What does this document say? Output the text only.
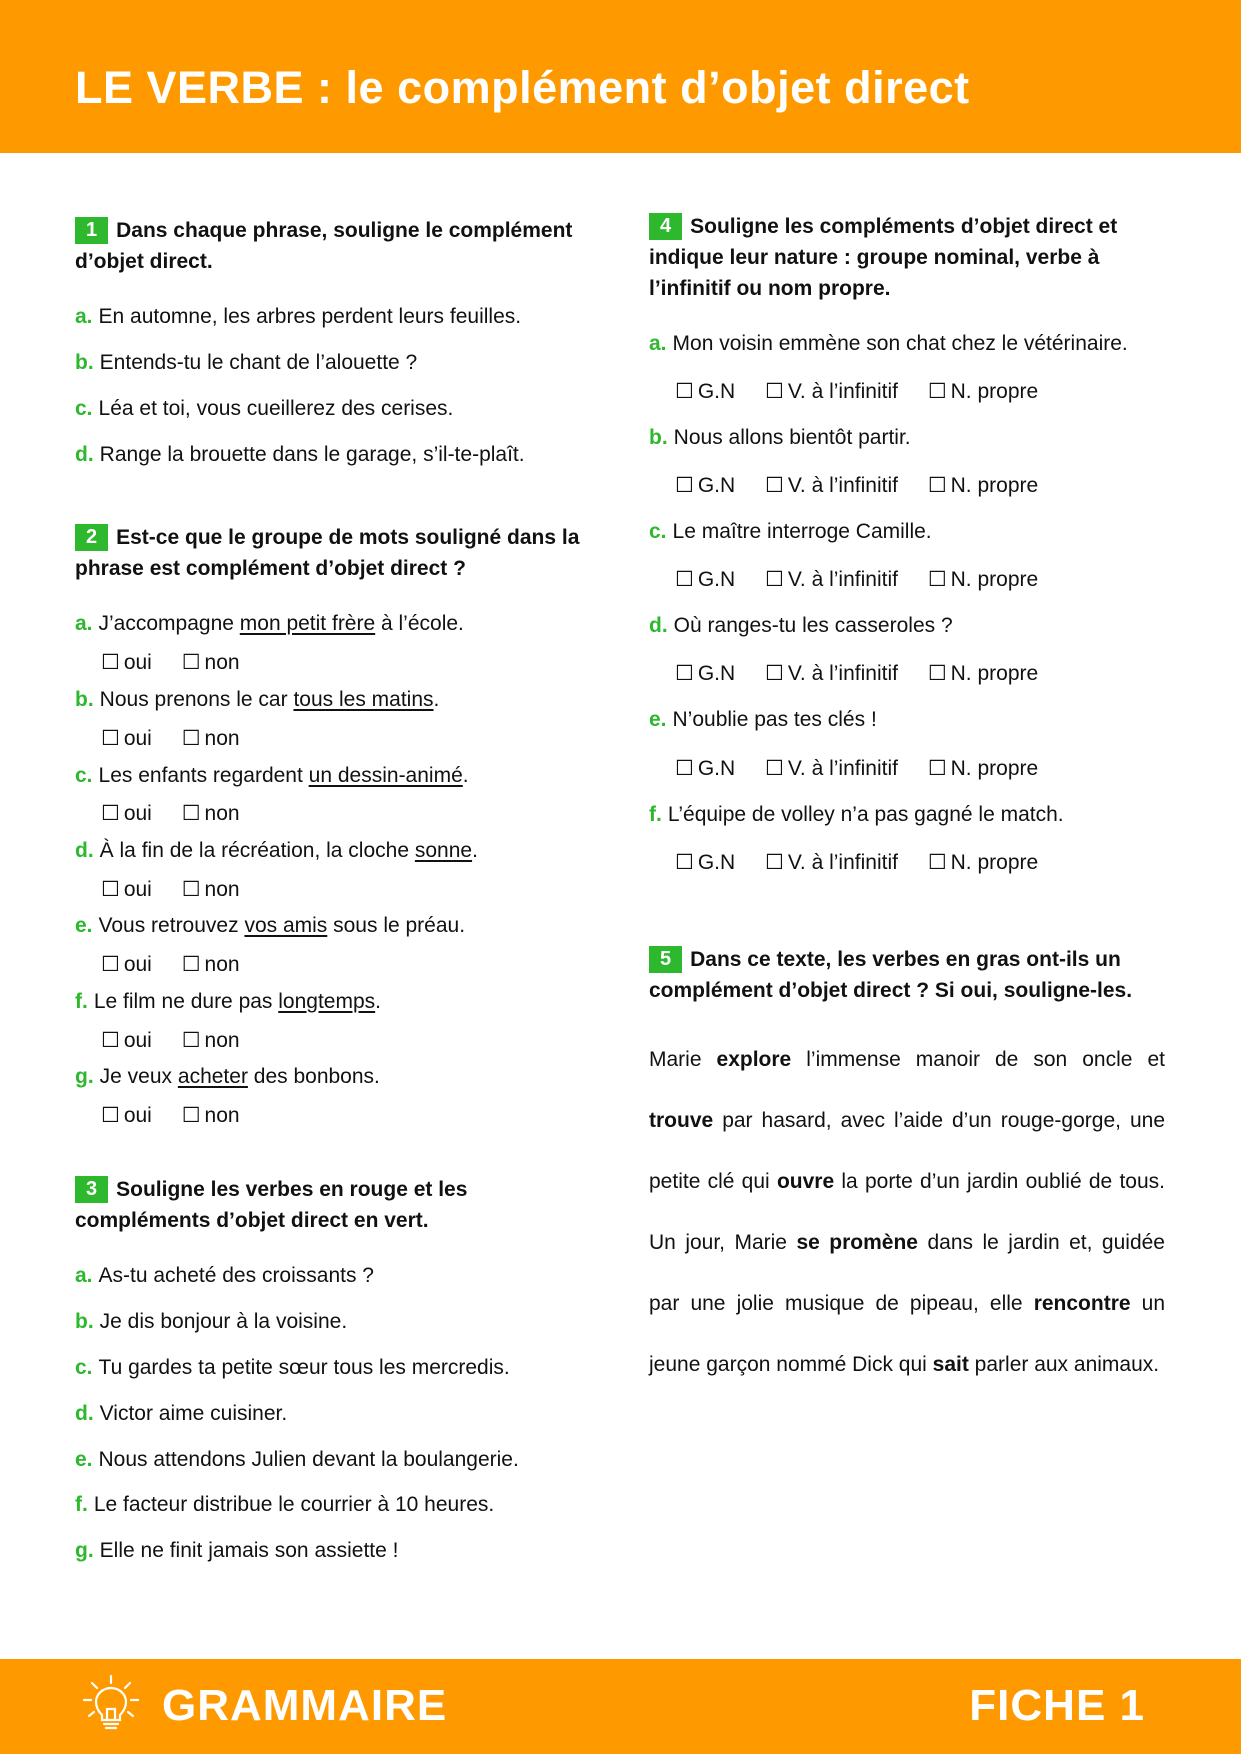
LE VERBE : le complément d’objet direct

1 Dans chaque phrase, souligne le complément d’objet direct.

a. En automne, les arbres perdent leurs feuilles.
b. Entends-tu le chant de l’alouette ?
c. Léa et toi, vous cueillerez des cerises.
d. Range la brouette dans le garage, s’il-te-plaît.

2 Est-ce que le groupe de mots souligné dans la phrase est complément d’objet direct ?

a. J’accompagne mon petit frère à l’école.
☐ oui ☐ non
b. Nous prenons le car tous les matins.
☐ oui ☐ non
c. Les enfants regardent un dessin-animé.
☐ oui ☐ non
d. À la fin de la récréation, la cloche sonne.
☐ oui ☐ non
e. Vous retrouvez vos amis sous le préau.
☐ oui ☐ non
f. Le film ne dure pas longtemps.
☐ oui ☐ non
g. Je veux acheter des bonbons.
☐ oui ☐ non

3 Souligne les verbes en rouge et les compléments d’objet direct en vert.

a. As-tu acheté des croissants ?
b. Je dis bonjour à la voisine.
c. Tu gardes ta petite sœur tous les mercredis.
d. Victor aime cuisiner.
e. Nous attendons Julien devant la boulangerie.
f. Le facteur distribue le courrier à 10 heures.
g. Elle ne finit jamais son assiette !

4 Souligne les compléments d’objet direct et indique leur nature : groupe nominal, verbe à l’infinitif ou nom propre.

a. Mon voisin emmène son chat chez le vétérinaire.
☐ G.N ☐ V. à l’infinitif ☐ N. propre
b. Nous allons bientôt partir.
☐ G.N ☐ V. à l’infinitif ☐ N. propre
c. Le maître interroge Camille.
☐ G.N ☐ V. à l’infinitif ☐ N. propre
d. Où ranges-tu les casseroles ?
☐ G.N ☐ V. à l’infinitif ☐ N. propre
e. N’oublie pas tes clés !
☐ G.N ☐ V. à l’infinitif ☐ N. propre
f. L’équipe de volley n’a pas gagné le match.
☐ G.N ☐ V. à l’infinitif ☐ N. propre

5 Dans ce texte, les verbes en gras ont-ils un complément d’objet direct ? Si oui, souligne-les.

Marie explore l’immense manoir de son oncle et trouve par hasard, avec l’aide d’un rouge-gorge, une petite clé qui ouvre la porte d’un jardin oublié de tous. Un jour, Marie se promène dans le jardin et, guidée par une jolie musique de pipeau, elle rencontre un jeune garçon nommé Dick qui sait parler aux animaux.

GRAMMAIRE	FICHE 1
